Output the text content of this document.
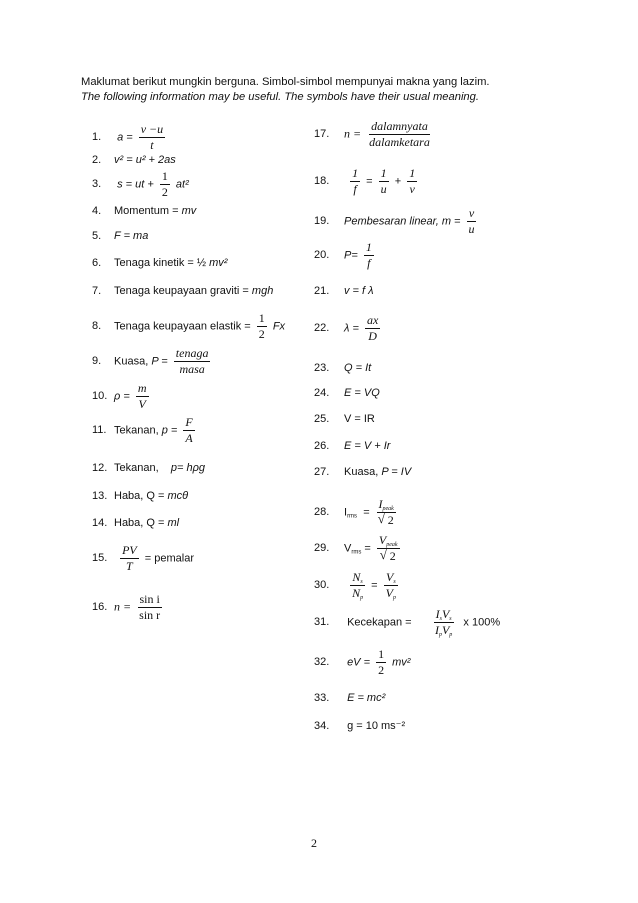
Maklumat berikut mungkin berguna. Simbol-simbol mempunyai makna yang lazim.
The following information may be useful. The symbols have their usual meaning.
1. $a = \frac{v -u}{t}$
2. v² = u² + 2as
3. s = ut + $\frac{1}{2} at^2$
4. Momentum = mv
5. F = ma
6. Tenaga kinetik = ½ mv²
7. Tenaga keupayaan graviti = mgh
8. Tenaga keupayaan elastik = $\frac{1}{2}$ Fx
9. Kuasa, $P = \frac{\text{tenaga}}{\text{masa}}$
10. $\rho = \frac{m}{V}$
11. Tekanan, $p = \frac{F}{A}$
12. Tekanan, p= hρg
13. Haba, Q = mcθ
14. Haba, Q = ml
15. $\frac{PV}{T}$ = pemalar
16. $n = \frac{\text{sin i}}{\text{sin r}}$
17. $n = \frac{\text{dalamnyata}}{\text{dalamketara}}$
18. $\frac{1}{f} = \frac{1}{u} + \frac{1}{v}$
19. Pembesaran linear, $m = \frac{v}{u}$
20. $P= \frac{1}{f}$
21. v = f λ
22. $\lambda = \frac{ax}{D}$
23. Q = It
24. E = VQ
25. V = IR
26. E = V + Ir
27. Kuasa, P = IV
28. $I_{rms} = I_{peak}$
√ 2
29. $V_{rms} = V_{peak}$
√ 2
30. $\frac{N_s}{N_p} = \frac{V_s}{V_p}$
31. Kecekapan = $\frac{I_sV_s}{I_pV_p}$ x 100%
32. eV = $\frac{1}{2} mv^2$
33. E = mc²
34. g = 10 ms⁻²
2
